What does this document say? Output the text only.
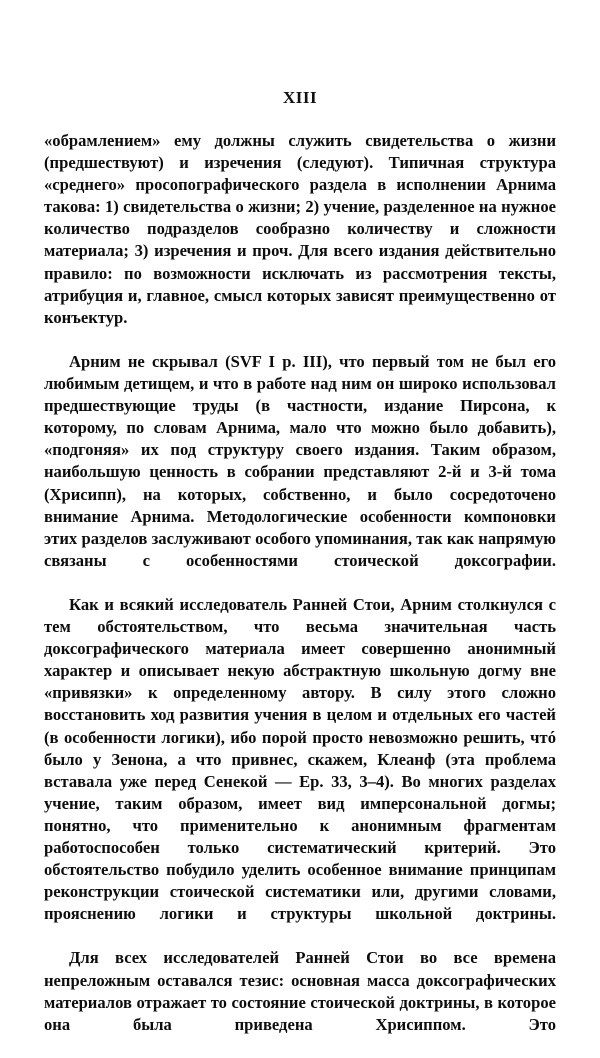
XIII

«обрамлением» ему должны служить свидетельства о жизни (предшествуют) и изречения (следуют). Типичная структура «среднего» просопографического раздела в исполнении Арнима такова: 1) свидетельства о жизни; 2) учение, разделенное на нужное количество подразделов сообразно количеству и сложности материала; 3) изречения и проч. Для всего издания действительно правило: по возможности исключать из рассмотрения тексты, атрибуция и, главное, смысл которых зависят преимущественно от конъектур.

Арним не скрывал (SVF I p. III), что первый том не был его любимым детищем, и что в работе над ним он широко использовал предшествующие труды (в частности, издание Пирсона, к которому, по словам Арнима, мало что можно было добавить), «подгоняя» их под структуру своего издания. Таким образом, наибольшую ценность в собрании представляют 2-й и 3-й тома (Хрисипп), на которых, собственно, и было сосредоточено внимание Арнима. Методологические особенности компоновки этих разделов заслуживают особого упоминания, так как напрямую связаны с особенностями стоической доксографии.

Как и всякий исследователь Ранней Стои, Арним столкнулся с тем обстоятельством, что весьма значительная часть доксографического материала имеет совершенно анонимный характер и описывает некую абстрактную школьную догму вне «привязки» к определенному автору. В силу этого сложно восстановить ход развития учения в целом и отдельных его частей (в особенности логики), ибо порой просто невозможно решить, чтó было у Зенона, а что привнес, скажем, Клеанф (эта проблема вставала уже перед Сенекой — Ер. 33, 3–4). Во многих разделах учение, таким образом, имеет вид имперсональной догмы; понятно, что применительно к анонимным фрагментам работоспособен только систематический критерий. Это обстоятельство побудило уделить особенное внимание принципам реконструкции стоической систематики или, другими словами, прояснению логики и структуры школьной доктрины.

Для всех исследователей Ранней Стои во все времена непреложным оставался тезис: основная масса доксографических материалов отражает то состояние стоической доктрины, в которое она была приведена Хрисиппом. Это
